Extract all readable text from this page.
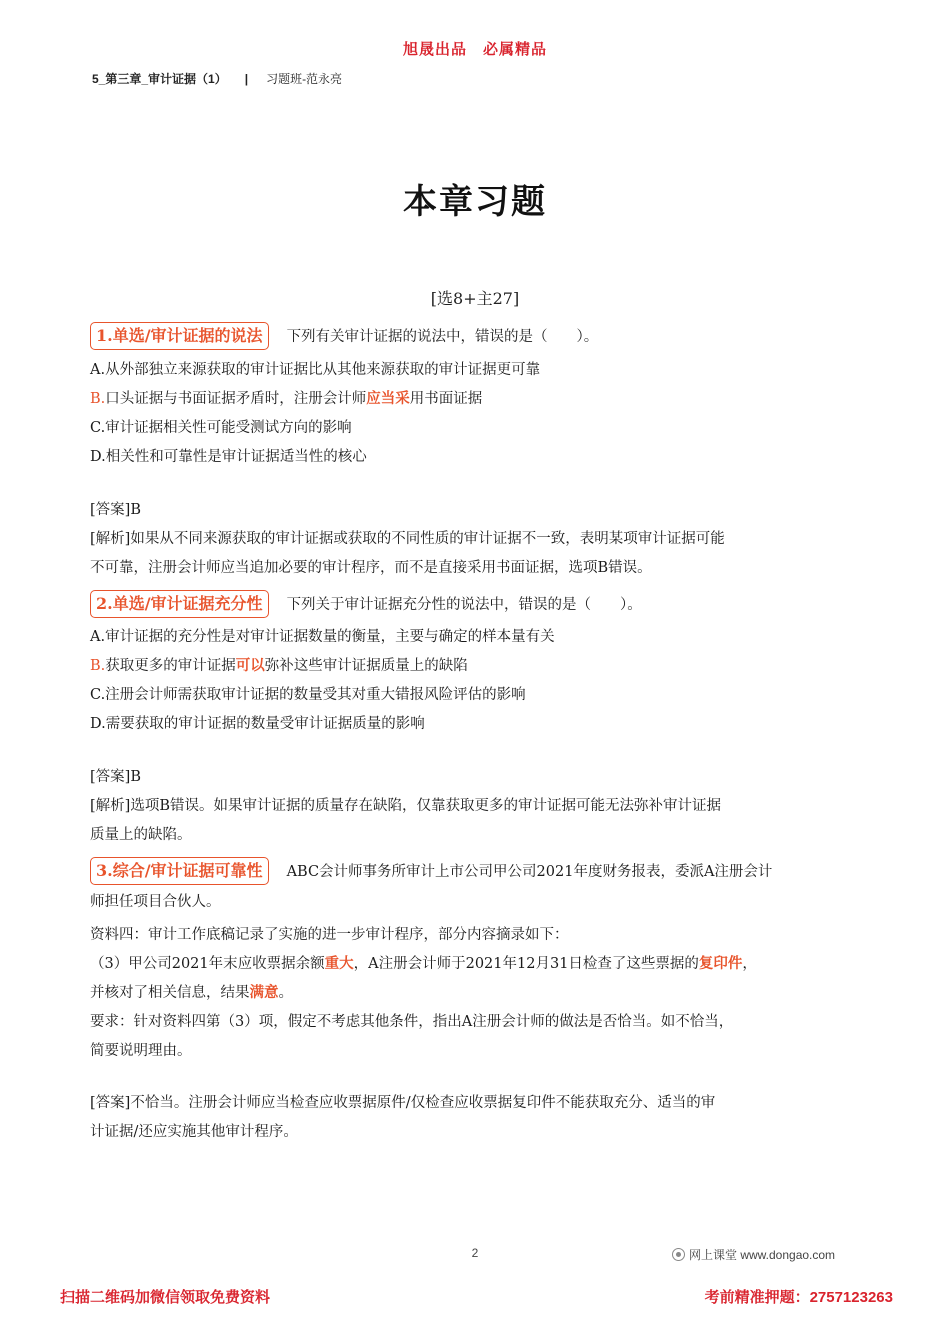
旭晟出品　必属精品
5_第三章_审计证据（1） | 习题班-范永亮
本章习题
[选8+主27]
1.单选/审计证据的说法 下列有关审计证据的说法中，错误的是（　　）。
A.从外部独立来源获取的审计证据比从其他来源获取的审计证据更可靠
B.口头证据与书面证据矛盾时，注册会计师应当采用书面证据
C.审计证据相关性可能受测试方向的影响
D.相关性和可靠性是审计证据适当性的核心
[答案]B
[解析]如果从不同来源获取的审计证据或获取的不同性质的审计证据不一致，表明某项审计证据可能
不可靠，注册会计师应当追加必要的审计程序，而不是直接采用书面证据，选项B错误。
2.单选/审计证据充分性 下列关于审计证据充分性的说法中，错误的是（　　）。
A.审计证据的充分性是对审计证据数量的衡量，主要与确定的样本量有关
B.获取更多的审计证据可以弥补这些审计证据质量上的缺陷
C.注册会计师需获取审计证据的数量受其对重大错报风险评估的影响
D.需要获取的审计证据的数量受审计证据质量的影响
[答案]B
[解析]选项B错误。如果审计证据的质量存在缺陷，仅靠获取更多的审计证据可能无法弥补审计证据
质量上的缺陷。
3.综合/审计证据可靠性 ABC会计师事务所审计上市公司甲公司2021年度财务报表，委派A注册会计
师担任项目合伙人。
资料四：审计工作底稿记录了实施的进一步审计程序，部分内容摘录如下：
（3）甲公司2021年末应收票据余额重大，A注册会计师于2021年12月31日检查了这些票据的复印件，
并核对了相关信息，结果满意。
要求：针对资料四第（3）项，假定不考虑其他条件，指出A注册会计师的做法是否恰当。如不恰当，
简要说明理由。
[答案]不恰当。注册会计师应当检查应收票据原件/仅检查应收票据复印件不能获取充分、适当的审
计证据/还应实施其他审计程序。
2	网上课堂 www.dongao.com
扫描二维码加微信领取免费资料	考前精准押题：2757123263
